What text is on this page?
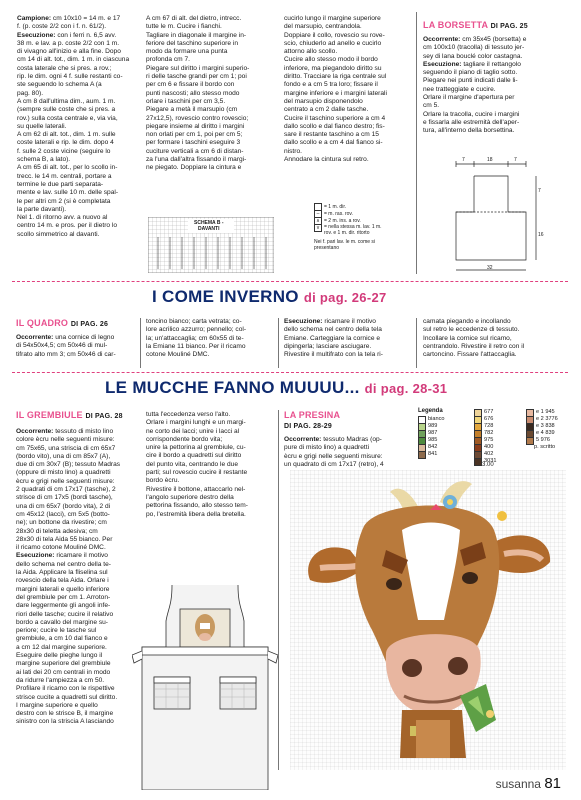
Campione: cm 10x10 = 14 m. e 17

f. (p. coste 2/2 con i f. n. 61/2).

Esecuzione: con i ferri n. 6,5 avv.

38 m. e lav. a p. coste 2/2 con 1 m.

di vivagno all'inizio e alla fine. Dopo

cm 14 di alt. tot., dim. 1 m. in ciascuna

costa laterale che si pres. a rov.;

rip. le dim. ogni 4 f. sulle restanti co-

ste seguendo lo schema A (a

pag. 80).

A cm 8 dall'ultima dim., aum. 1 m.

(sempre sulle coste che si pres. a

rov.) sulla costa centrale e, via via,

su quelle laterali.

A cm 62 di alt. tot., dim. 1 m. sulle

coste laterali e rip. le dim. dopo 4

f. sulle 2 coste vicine (seguire lo

schema B, a lato).

A cm 65 di alt. tot., per lo scollo in-

trecc. le 14 m. centrali, portare a

termine le due parti separata-

mente e lav. sulle 10 m. delle spal-

le per altri cm 2 (si è completata

la parte davanti).

Nel 1. di ritorno avv. a nuovo al

centro 14 m. e pros. per il dietro lo

scollo simmetrico al davanti.

A cm 67 di alt. del dietro, intrecc.

tutte le m. Cucire i fianchi.

Tagliare in diagonale il margine in-

feriore del taschino superiore in

modo da formare una punta

profonda cm 7.

Piegare sul diritto i margini superio-

ri delle tasche grandi per cm 1; poi

per cm 6 e fissare il bordo con

punti nascosti; allo stesso modo

orlare i taschini per cm 3,5.

Piegare a metà il marsupio (cm

27x12,5), rovescio contro rovescio;

piegare insieme al diritto i margini

non orlati per cm 1, poi per cm 5;

per formare i taschini eseguire 3

cuciture verticali a cm 6 di distan-

za l'una dall'altra fissando il margi-

ne piegato. Doppiare la cintura e

SCHEMA B -
DAVANTI

cucirlo lungo il margine superiore

del marsupio, centrandola.

Doppiare il collo, rovescio su rove-

scio, chiuderlo ad anello e cucirlo

attorno allo scollo.

Cucire allo stesso modo il bordo

inferiore, ma piegandolo diritto su

diritto. Tracciare la riga centrale sul

fondo e a cm 5 tra loro; fissare il

margine inferiore e i margini laterali

del marsupio disponendolo

centrato a cm 2 dalle tasche.

Cucire il taschino superiore a cm 4

dallo scollo e dal fianco destro; fis-

sare il restante taschino a cm 15

dallo scollo e a cm 4 dal fianco si-

nistro.

Annodare la cintura sul retro.

= 1 m. dir.
– = m. ras. rov.
∧ = 2 m. ins. a rov.
v = nella stessa m. lav. 1 m. rov. e 1 m. dir. ritorto
Nei f. pari lav. le m. come si presentano
LA BORSETTA DI PAG. 25

Occorrente: cm 35x45 (borsetta) e

cm 100x10 (tracolla) di tessuto jer-

sey di lana bouclé color castagna.

Esecuzione: tagliare il rettangolo

seguendo il piano di taglio sotto.

Piegare nei punti indicati dalle li-

nee tratteggiate e cucire.

Orlare il margine d'apertura per

cm 5.

Orlare la tracolla, cucire i margini

e fissarla alle estremità dell'aper-

tura, all'interno della borsettina.

7	18	7
7
16
32
I COME INVERNO di pag. 26-27
IL QUADRO DI PAG. 26

Occorrente: una cornice di legno

di 54x50x4,5; cm 50x46 di mul-

tifrato alto mm 3; cm 50x46 di car-

toncino bianco; carta vetrata; co-

lore acrilico azzurro; pennello; col-

la; un'attaccaglia; cm 60x55 di te-

la Emiane 11 bianco. Per il ricamo

cotone Mouliné DMC.

Esecuzione: ricamare il motivo

dello schema nel centro della tela

Emiane. Carteggiare la cornice e

dipingerla; lasciare asciugare.

Rivestire il multifrato con la tela ri-

camata piegando e incollando

sul retro le eccedenze di tessuto.

Incollare la cornice sul ricamo,

centrandolo. Rivestire il retro con il

cartoncino. Fissare l'attaccaglia.

LE MUCCHE FANNO MUUUU... di pag. 28-31
IL GREMBIULE DI PAG. 28

Occorrente: tessuto di misto lino

colore ècru nelle seguenti misure:

cm 75x65, una striscia di cm 65x7

(bordo vito), una di cm 85x7 (A),

due di cm 30x7 (B); tessuto Madras

(oppure di misto lino) a quadretti

ècru e grigi nelle seguenti misure:

2 quadrati di cm 17x17 (tasche), 2

strisce di cm 17x5 (bordi tasche),

una di cm 65x7 (bordo vita), 2 di

cm 45x12 (lacci), cm 5x5 (botto-

ne); un bottone da rivestire; cm

28x30 di teletta adesiva; cm

28x30 di tela Aida 55 bianco. Per

il ricamo cotone Mouliné DMC.

Esecuzione: ricamare il motivo

dello schema nel centro della te-

la Aida. Applicare la fliselina sul

rovescio della tela Aida. Orlare i

margini laterali e quello inferiore

del grembiule per cm 1. Arroton-

dare leggermente gli angoli infe-

riori delle tasche; cucire il relativo

bordo a cavallo del margine su-

periore; cucire le tasche sul

grembiule, a cm 10 dal fianco e

a cm 12 dal margine superiore.

Eseguire delle pieghe lungo il

margine superiore del grembiule

ai lati dei 20 cm centrali in modo

da ridurre l'ampiezza a cm 50.

Profilare il ricamo con le rispettive

strisce cucite a quadretti sul diritto.

I margine superiore e quello

destro con le strisce B, il margine

sinistro con la striscia A lasciando

tutta l'eccedenza verso l'alto.

Orlare i margini lunghi e un margi-

ne corto dei lacci; unire i lacci al

corrispondente bordo vita;

unire la pettorina al grembiule, cu-

cire il bordo a quadretti sul diritto

del punto vita, centrando le due

parti; sul rovescio cucire il restante

bordo ècru.

Rivestire il bottone, attaccarlo nel-

l'angolo superiore destro della

pettorina fissando, allo stesso tem-

po, l'estremità libera della bretella.

LA PRESINA
DI PAG. 28-29

Occorrente: tessuto Madras (op-

pure di misto lino) a quadretti

ècru e grigi nelle seguenti misure:

un quadrato di cm 17x17 (retro), 4

Legenda
bianco
989
987
985
842
841
677
676
728
782
975
400
402
3031
e 1 945
e 2 3776
e 3 838
e 4 839
5 976
p. scritto
3.00
susanna 81
